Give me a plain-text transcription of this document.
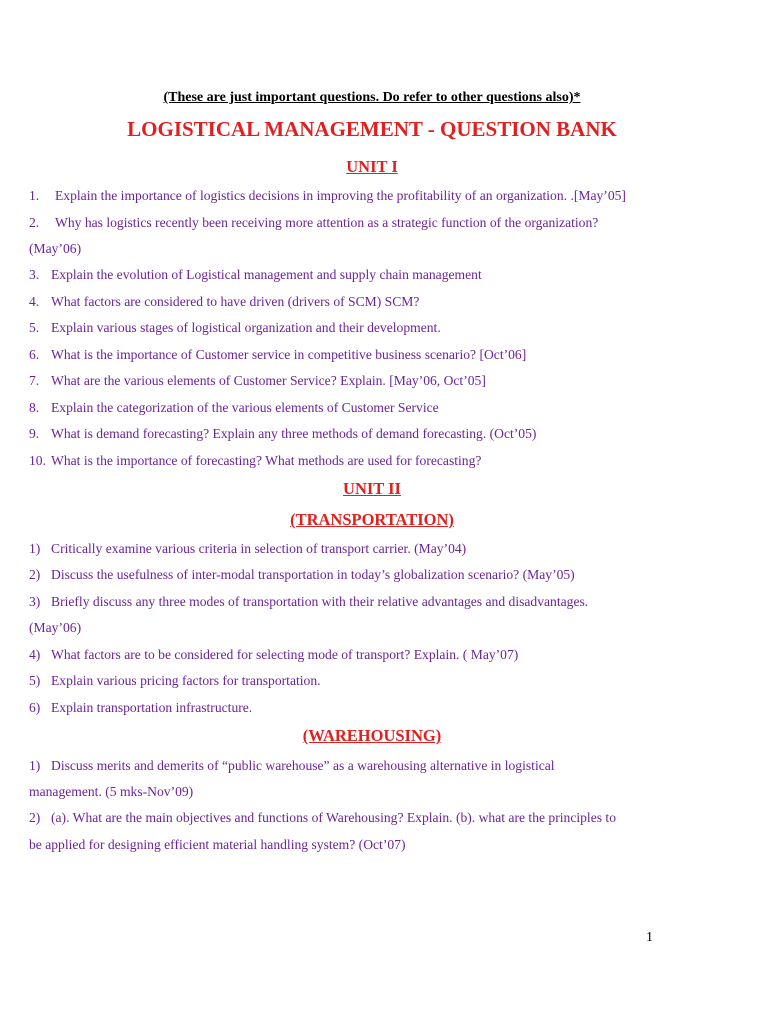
(These are just important questions. Do refer to other questions also)*
LOGISTICAL MANAGEMENT - QUESTION BANK
UNIT I
1. Explain the importance of logistics decisions in improving the profitability of an organization. .[May’05]
2. Why has logistics recently been receiving more attention as a strategic function of the organization?
(May’06)
3. Explain the evolution of Logistical management and supply chain management
4. What factors are considered to have driven (drivers of SCM) SCM?
5. Explain various stages of logistical organization and their development.
6. What is the importance of Customer service in competitive business scenario? [Oct’06]
7. What are the various elements of Customer Service? Explain. [May’06, Oct’05]
8. Explain the categorization of the various elements of Customer Service
9. What is demand forecasting? Explain any three methods of demand forecasting. (Oct’05)
10. What is the importance of forecasting? What methods are used for forecasting?
UNIT II
(TRANSPORTATION)
1) Critically examine various criteria in selection of transport carrier. (May’04)
2) Discuss the usefulness of inter-modal transportation in today’s globalization scenario? (May’05)
3) Briefly discuss any three modes of transportation with their relative advantages and disadvantages.
(May’06)
4) What factors are to be considered for selecting mode of transport? Explain. ( May’07)
5) Explain various pricing factors for transportation.
6) Explain transportation infrastructure.
(WAREHOUSING)
1) Discuss merits and demerits of “public warehouse” as a warehousing alternative in logistical
management. (5 mks-Nov’09)
2) (a). What are the main objectives and functions of Warehousing? Explain. (b). what are the principles to
be applied for designing efficient material handling system? (Oct’07)
1
